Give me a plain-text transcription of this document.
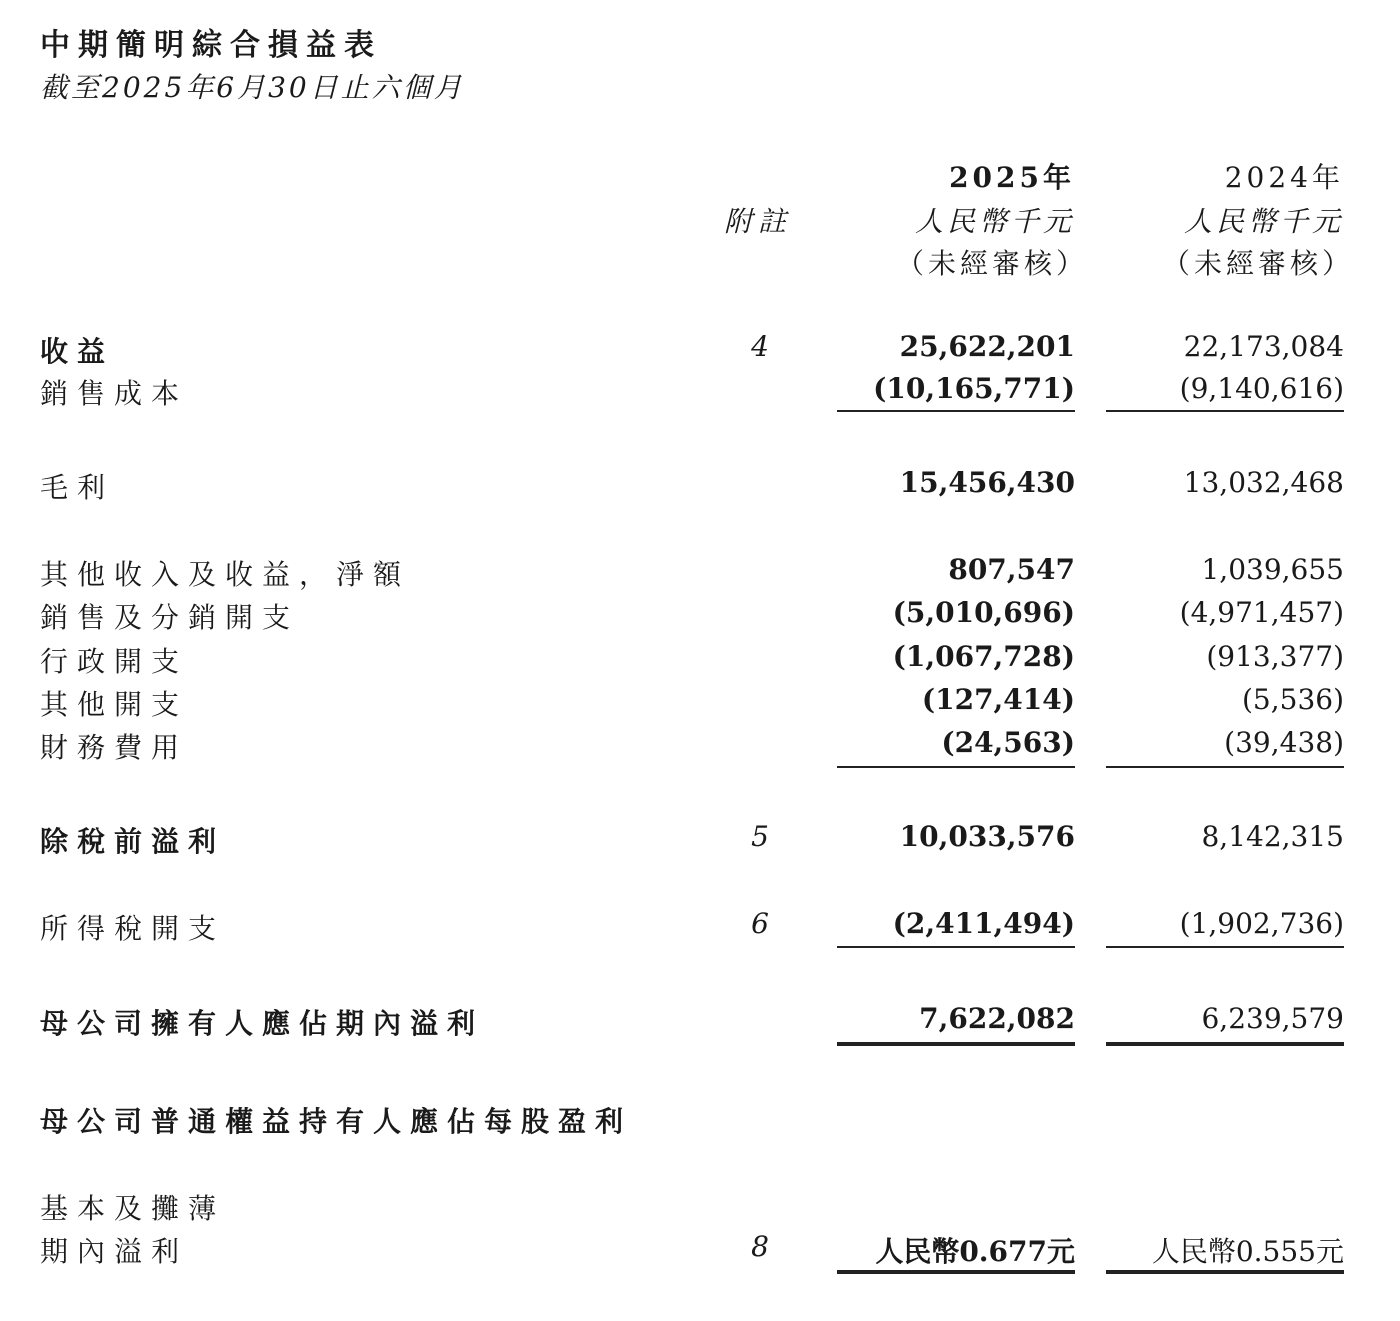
中期簡明綜合損益表
截至2025年6月30日止六個月
2025年
人民幣千元
（未經審核）
2024年
人民幣千元
（未經審核）
附註
收益	4	25,622,201	22,173,084
銷售成本	(10,165,771)	(9,140,616)
毛利	15,456,430	13,032,468
其他收入及收益，淨額	807,547	1,039,655
銷售及分銷開支	(5,010,696)	(4,971,457)
行政開支	(1,067,728)	(913,377)
其他開支	(127,414)	(5,536)
財務費用	(24,563)	(39,438)
除稅前溢利	5	10,033,576	8,142,315
所得稅開支	6	(2,411,494)	(1,902,736)
母公司擁有人應佔期內溢利	7,622,082	6,239,579
母公司普通權益持有人應佔每股盈利
基本及攤薄
期內溢利	8	人民幣0.677元	人民幣0.555元
